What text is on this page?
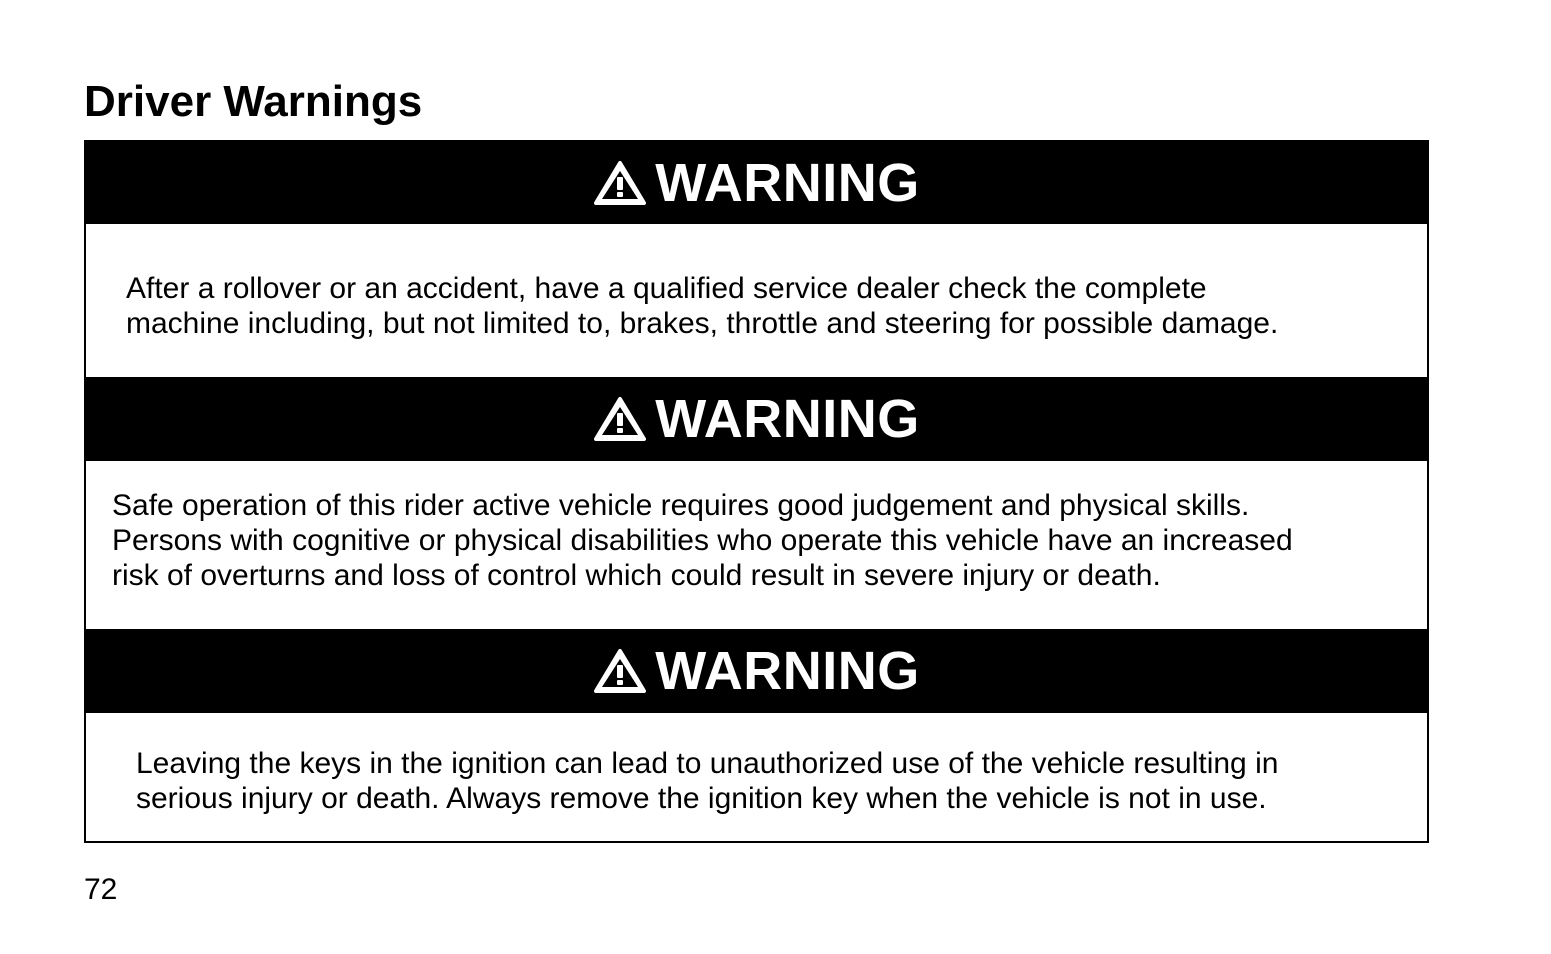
Driver Warnings
WARNING

After a rollover or an accident, have a qualified service dealer check the complete
machine including, but not limited to, brakes, throttle and steering for possible damage.

WARNING

Safe operation of this rider active vehicle requires good judgement and physical skills.
Persons with cognitive or physical disabilities who operate this vehicle have an increased
risk of overturns and loss of control which could result in severe injury or death.

WARNING

Leaving the keys in the ignition can lead to unauthorized use of the vehicle resulting in
serious injury or death. Always remove the ignition key when the vehicle is not in use.

72
